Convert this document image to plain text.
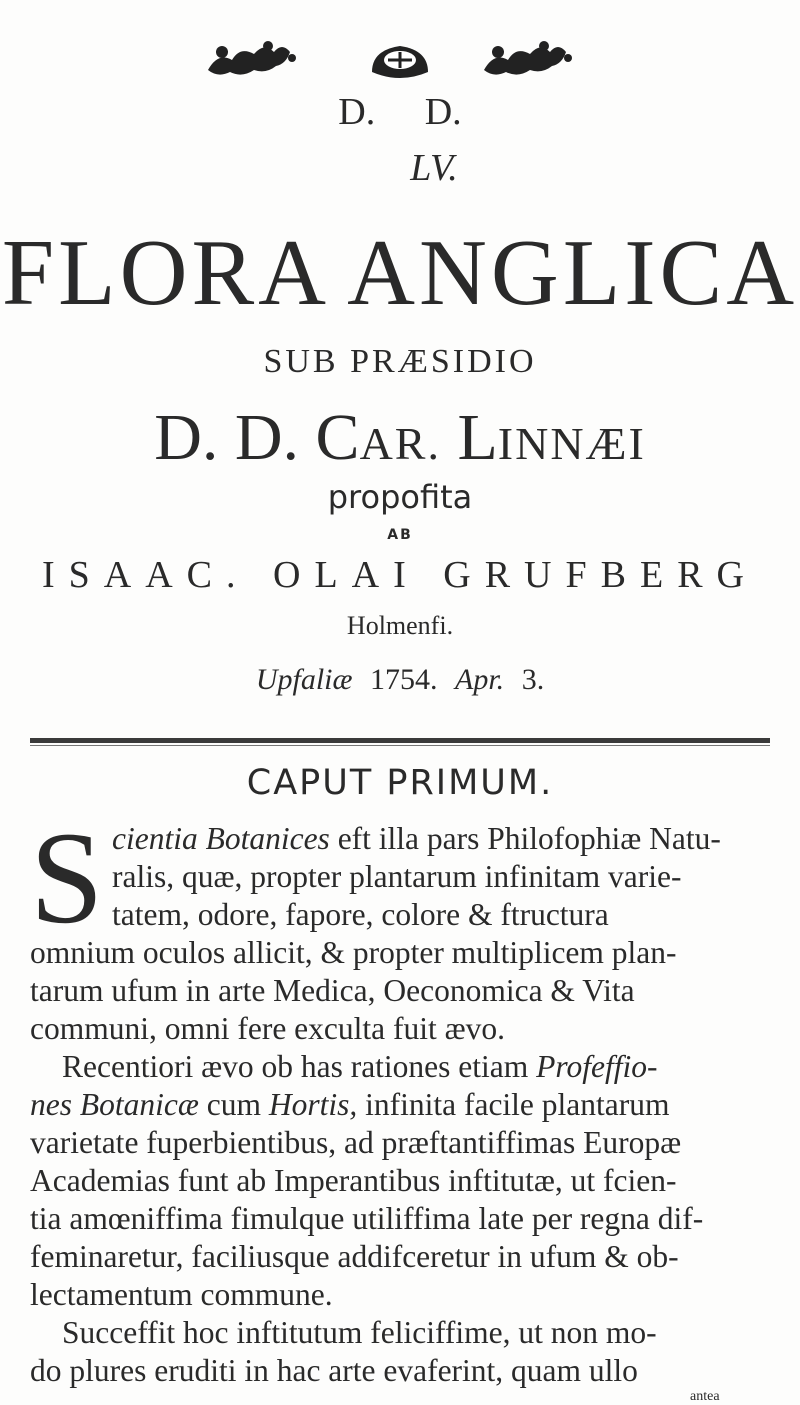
D. D.
LV.
FLORA ANGLICA
SUB PRÆSIDIO
D. D. CAR. LINNÆI
propofita
AB
ISAAC. OLAI GRUFBERG
Holmenfi.
Upfaliæ 1754. Apr. 3.
CAPUT PRIMUM.
S cientia Botanices eft illa pars Philofophiæ Natu-
ralis, quæ, propter plantarum infinitam varie-
tatem, odore, fapore, colore & ftructura
omnium oculos allicit, & propter multiplicem plan-
tarum ufum in arte Medica, Oeconomica & Vita
communi, omni fere exculta fuit ævo.
Recentiori ævo ob has rationes etiam Profeffio-
nes Botanicæ cum Hortis, infinita facile plantarum
varietate fuperbientibus, ad præftantiffimas Europæ
Academias funt ab Imperantibus inftitutæ, ut fcien-
tia amœniffima fimulque utiliffima late per regna dif-
feminaretur, faciliusque addifceretur in ufum & ob-
lectamentum commune.
Succeffit hoc inftitutum feliciffime, ut non mo-
do plures eruditi in hac arte evaferint, quam ullo
antea
